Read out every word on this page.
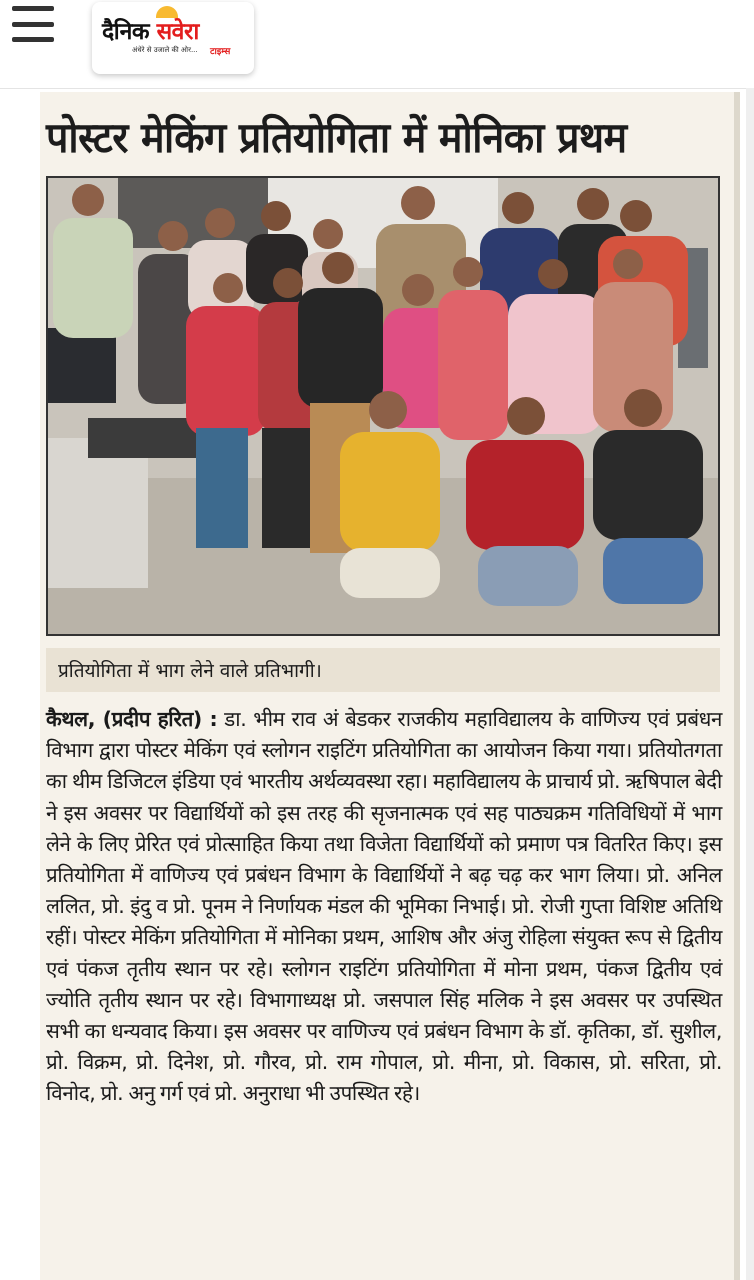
दैनिक सवेरा
अंधेरे से उजाले की ओर... टाइम्स
पोस्टर मेकिंग प्रतियोगिता में मोनिका प्रथम
प्रतियोगिता में भाग लेने वाले प्रतिभागी।
कैथल, (प्रदीप हरित) : डा. भीम राव अं बेडकर राजकीय महाविद्यालय के वाणिज्य एवं प्रबंधन विभाग द्वारा पोस्टर मेकिंग एवं स्लोगन राइटिंग प्रतियोगिता का आयोजन किया गया। प्रतियोतगता का थीम डिजिटल इंडिया एवं भारतीय अर्थव्यवस्था रहा। महाविद्यालय के प्राचार्य प्रो. ऋषिपाल बेदी ने इस अवसर पर विद्यार्थियों को इस तरह की सृजनात्मक एवं सह पाठ्यक्रम गतिविधियों में भाग लेने के लिए प्रेरित एवं प्रोत्साहित किया तथा विजेता विद्यार्थियों को प्रमाण पत्र वितरित किए। इस प्रतियोगिता में वाणिज्य एवं प्रबंधन विभाग के विद्यार्थियों ने बढ़ चढ़ कर भाग लिया। प्रो. अनिल ललित, प्रो. इंदु व प्रो. पूनम ने निर्णायक मंडल की भूमिका निभाई। प्रो. रोजी गुप्ता विशिष्ट अतिथि रहीं। पोस्टर मेकिंग प्रतियोगिता में मोनिका प्रथम, आशिष और अंजु रोहिला संयुक्त रूप से द्वितीय एवं पंकज तृतीय स्थान पर रहे। स्लोगन राइटिंग प्रतियोगिता में मोना प्रथम, पंकज द्वितीय एवं ज्योति तृतीय स्थान पर रहे। विभागाध्यक्ष प्रो. जसपाल सिंह मलिक ने इस अवसर पर उपस्थित सभी का धन्यवाद किया। इस अवसर पर वाणिज्य एवं प्रबंधन विभाग के डॉ. कृतिका, डॉ. सुशील, प्रो. विक्रम, प्रो. दिनेश, प्रो. गौरव, प्रो. राम गोपाल, प्रो. मीना, प्रो. विकास, प्रो. सरिता, प्रो. विनोद, प्रो. अनु गर्ग एवं प्रो. अनुराधा भी उपस्थित रहे।
